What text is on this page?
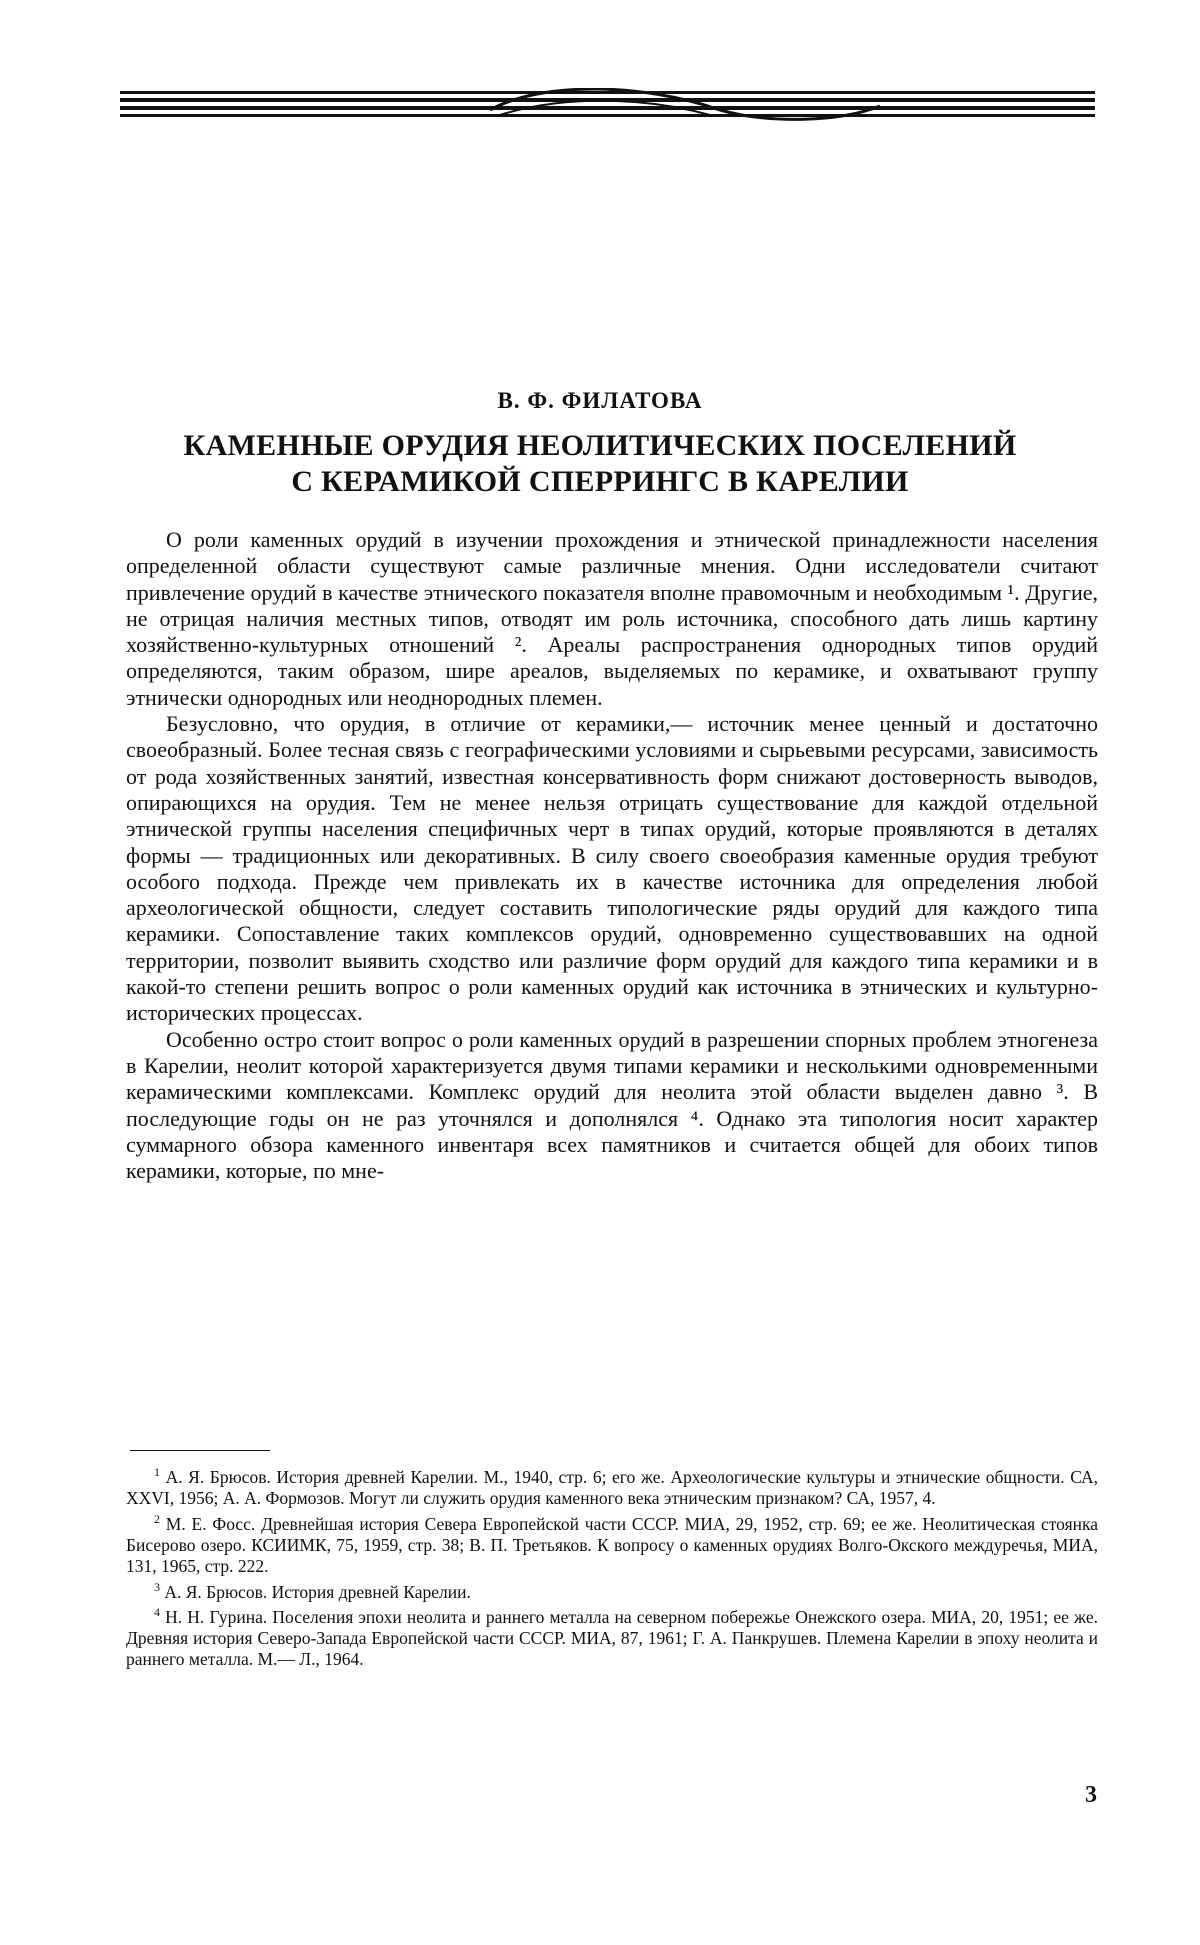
В. Ф. ФИЛАТОВА
КАМЕННЫЕ ОРУДИЯ НЕОЛИТИЧЕСКИХ ПОСЕЛЕНИЙ
С КЕРАМИКОЙ СПЕРРИНГС В КАРЕЛИИ

О роли каменных орудий в изучении прохождения и этнической принадлежности населения определенной области существуют самые различные мнения. Одни исследователи считают привлечение орудий в качестве этнического показателя вполне правомочным и необходимым ¹. Другие, не отрицая наличия местных типов, отводят им роль источника, способного дать лишь картину хозяйственно-культурных отношений ². Ареалы распространения однородных типов орудий определяются, таким образом, шире ареалов, выделяемых по керамике, и охватывают группу этнически однородных или неоднородных племен.

Безусловно, что орудия, в отличие от керамики,— источник менее ценный и достаточно своеобразный. Более тесная связь с географическими условиями и сырьевыми ресурсами, зависимость от рода хозяйственных занятий, известная консервативность форм снижают достоверность выводов, опирающихся на орудия. Тем не менее нельзя отрицать существование для каждой отдельной этнической группы населения специфичных черт в типах орудий, которые проявляются в деталях формы — традиционных или декоративных. В силу своего своеобразия каменные орудия требуют особого подхода. Прежде чем привлекать их в качестве источника для определения любой археологической общности, следует составить типологические ряды орудий для каждого типа керамики. Сопоставление таких комплексов орудий, одновременно существовавших на одной территории, позволит выявить сходство или различие форм орудий для каждого типа керамики и в какой-то степени решить вопрос о роли каменных орудий как источника в этнических и культурно-исторических процессах.

Особенно остро стоит вопрос о роли каменных орудий в разрешении спорных проблем этногенеза в Карелии, неолит которой характеризуется двумя типами керамики и несколькими одновременными керамическими комплексами. Комплекс орудий для неолита этой области выделен давно ³. В последующие годы он не раз уточнялся и дополнялся ⁴. Однако эта типология носит характер суммарного обзора каменного инвентаря всех памятников и считается общей для обоих типов керамики, которые, по мне-

$^1$ А. Я. Брюсов. История древней Карелии. М., 1940, стр. 6; его же. Археологические культуры и этнические общности. СА, XXVI, 1956; А. А. Формозов. Могут ли служить орудия каменного века этническим признаком? СА, 1957, 4.

$^2$ М. Е. Фосс. Древнейшая история Севера Европейской части СССР. МИА, 29, 1952, стр. 69; ее же. Неолитическая стоянка Бисерово озеро. КСИИМК, 75, 1959, стр. 38; В. П. Третьяков. К вопросу о каменных орудиях Волго-Окского междуречья, МИА, 131, 1965, стр. 222.

$^3$ А. Я. Брюсов. История древней Карелии.

$^4$ Н. Н. Гурина. Поселения эпохи неолита и раннего металла на северном побережье Онежского озера. МИА, 20, 1951; ее же. Древняя история Северо-Запада Европейской части СССР. МИА, 87, 1961; Г. А. Панкрушев. Племена Карелии в эпоху неолита и раннего металла. М.— Л., 1964.

3
